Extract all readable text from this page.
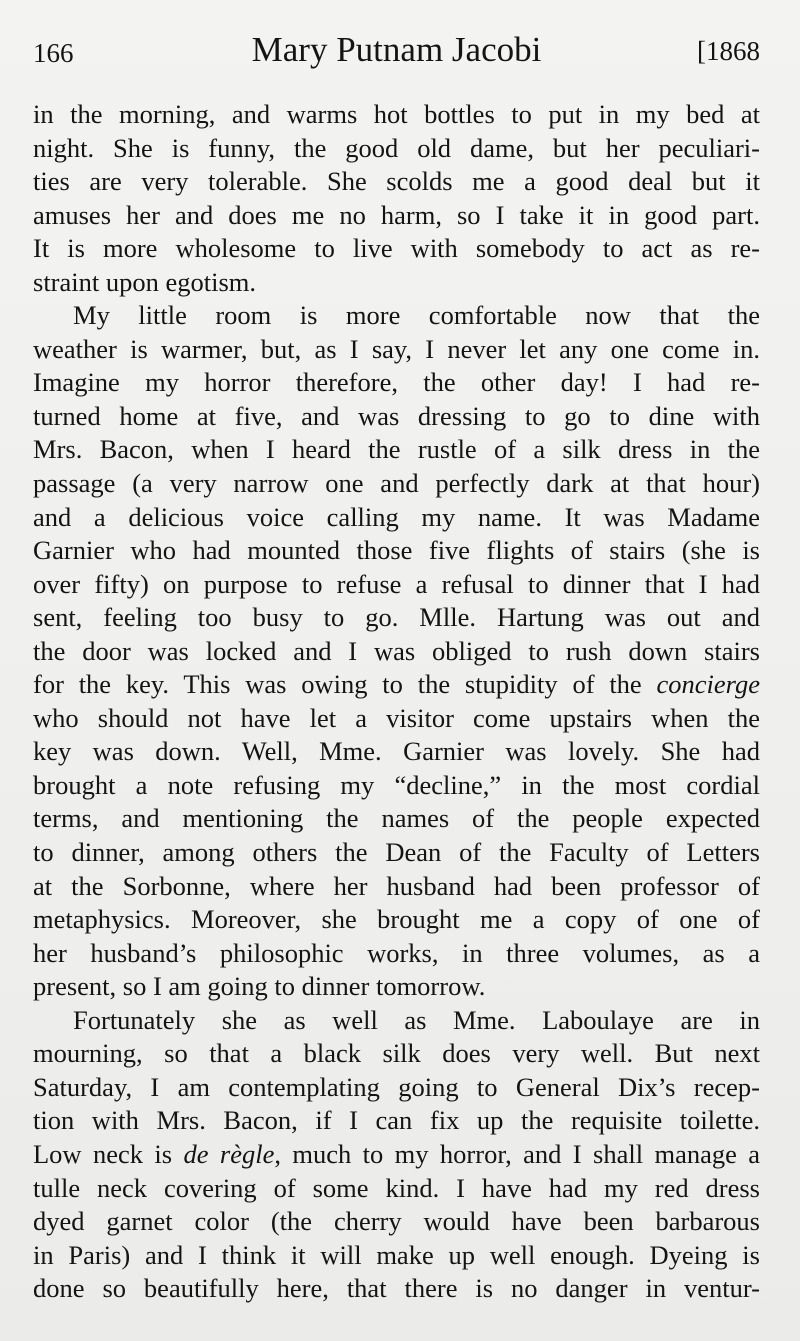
166	Mary Putnam Jacobi	[1868
in the morning, and warms hot bottles to put in my bed at
night. She is funny, the good old dame, but her peculiari-
ties are very tolerable. She scolds me a good deal but it
amuses her and does me no harm, so I take it in good part.
It is more wholesome to live with somebody to act as re-
straint upon egotism.
My little room is more comfortable now that the
weather is warmer, but, as I say, I never let any one come in.
Imagine my horror therefore, the other day! I had re-
turned home at five, and was dressing to go to dine with
Mrs. Bacon, when I heard the rustle of a silk dress in the
passage (a very narrow one and perfectly dark at that hour)
and a delicious voice calling my name. It was Madame
Garnier who had mounted those five flights of stairs (she is
over fifty) on purpose to refuse a refusal to dinner that I had
sent, feeling too busy to go. Mlle. Hartung was out and
the door was locked and I was obliged to rush down stairs
for the key. This was owing to the stupidity of the concierge
who should not have let a visitor come upstairs when the
key was down. Well, Mme. Garnier was lovely. She had
brought a note refusing my “decline,” in the most cordial
terms, and mentioning the names of the people expected
to dinner, among others the Dean of the Faculty of Letters
at the Sorbonne, where her husband had been professor of
metaphysics. Moreover, she brought me a copy of one of
her husband’s philosophic works, in three volumes, as a
present, so I am going to dinner tomorrow.
Fortunately she as well as Mme. Laboulaye are in
mourning, so that a black silk does very well. But next
Saturday, I am contemplating going to General Dix’s recep-
tion with Mrs. Bacon, if I can fix up the requisite toilette.
Low neck is de règle, much to my horror, and I shall manage a
tulle neck covering of some kind. I have had my red dress
dyed garnet color (the cherry would have been barbarous
in Paris) and I think it will make up well enough. Dyeing is
done so beautifully here, that there is no danger in ventur-
